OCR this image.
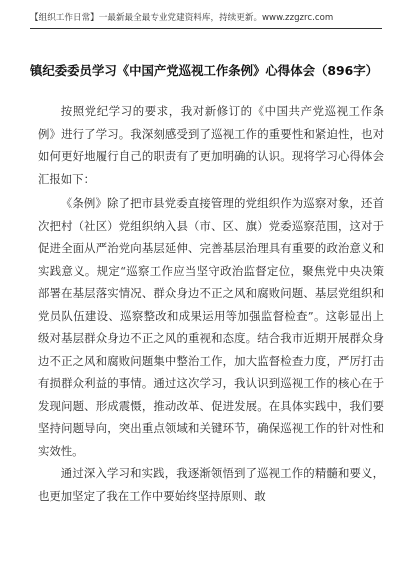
【组织工作日常】一最新最全最专业党建资料库，持续更新。www.zzgzrc.com
镇纪委委员学习《中国产党巡视工作条例》心得体会（896字）

按照党纪学习的要求，我对新修订的《中国共产党巡视工作条例》进行了学习。我深刻感受到了巡视工作的重要性和紧迫性，也对如何更好地履行自己的职责有了更加明确的认识。现将学习心得体会汇报如下：

《条例》除了把市县党委直接管理的党组织作为巡察对象，还首次把村（社区）党组织纳入县（市、区、旗）党委巡察范围，这对于促进全面从严治党向基层延伸、完善基层治理具有重要的政治意义和实践意义。规定“巡察工作应当坚守政治监督定位，聚焦党中央决策部署在基层落实情况、群众身边不正之风和腐败问题、基层党组织和党员队伍建设、巡察整改和成果运用等加强监督检查”。这彰显出上级对基层群众身边不正之风的重视和态度。结合我市近期开展群众身边不正之风和腐败问题集中整治工作，加大监督检查力度，严厉打击有损群众利益的事情。通过这次学习，我认识到巡视工作的核心在于发现问题、形成震慑，推动改革、促进发展。在具体实践中，我们要坚持问题导向，突出重点领域和关键环节，确保巡视工作的针对性和实效性。

通过深入学习和实践，我逐渐领悟到了巡视工作的精髓和要义，也更加坚定了我在工作中要始终坚持原则、敢
